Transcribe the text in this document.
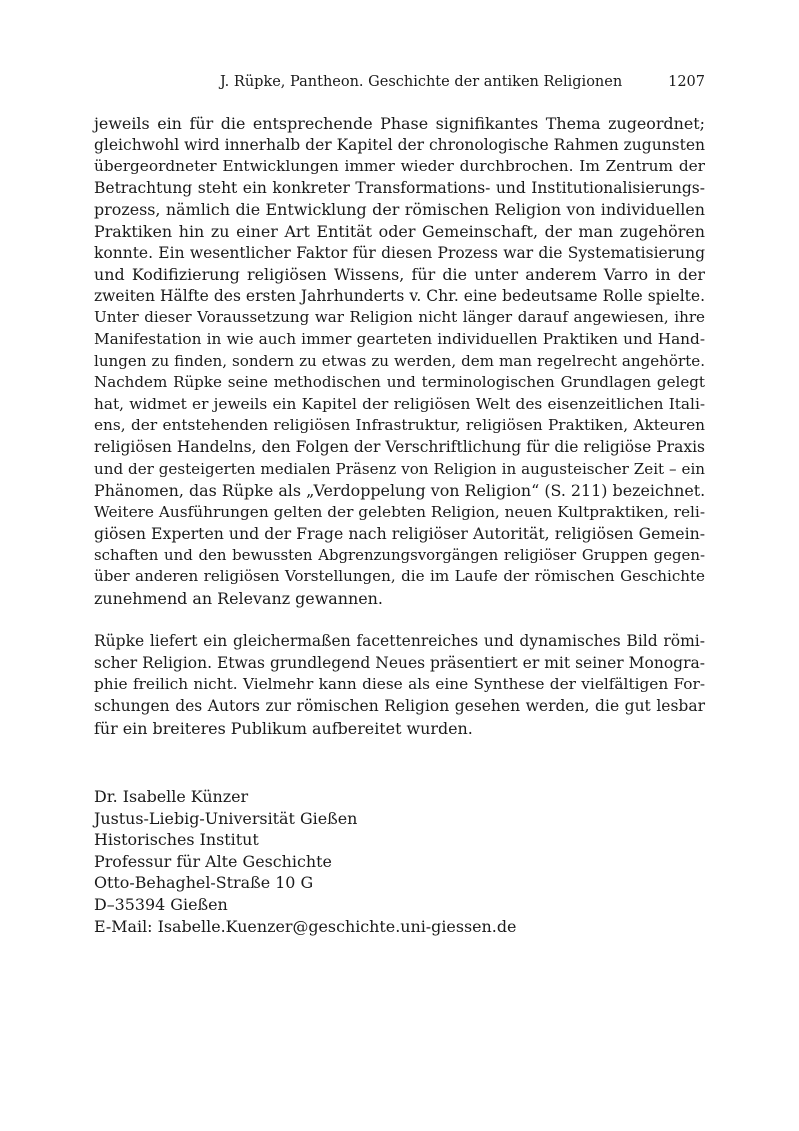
J. Rüpke, Pantheon. Geschichte der antiken Religionen	1207
jeweils ein für die entsprechende Phase signifikantes Thema zugeordnet;
gleichwohl wird innerhalb der Kapitel der chronologische Rahmen zugunsten
übergeordneter Entwicklungen immer wieder durchbrochen. Im Zentrum der
Betrachtung steht ein konkreter Transformations- und Institutionalisierungs-
prozess, nämlich die Entwicklung der römischen Religion von individuellen
Praktiken hin zu einer Art Entität oder Gemeinschaft, der man zugehören
konnte. Ein wesentlicher Faktor für diesen Prozess war die Systematisierung
und Kodifizierung religiösen Wissens, für die unter anderem Varro in der
zweiten Hälfte des ersten Jahrhunderts v. Chr. eine bedeutsame Rolle spielte.
Unter dieser Voraussetzung war Religion nicht länger darauf angewiesen, ihre
Manifestation in wie auch immer gearteten individuellen Praktiken und Hand-
lungen zu finden, sondern zu etwas zu werden, dem man regelrecht angehörte.
Nachdem Rüpke seine methodischen und terminologischen Grundlagen gelegt
hat, widmet er jeweils ein Kapitel der religiösen Welt des eisenzeitlichen Itali-
ens, der entstehenden religiösen Infrastruktur, religiösen Praktiken, Akteuren
religiösen Handelns, den Folgen der Verschriftlichung für die religiöse Praxis
und der gesteigerten medialen Präsenz von Religion in augusteischer Zeit – ein
Phänomen, das Rüpke als „Verdoppelung von Religion“ (S. 211) bezeichnet.
Weitere Ausführungen gelten der gelebten Religion, neuen Kultpraktiken, reli-
giösen Experten und der Frage nach religiöser Autorität, religiösen Gemein-
schaften und den bewussten Abgrenzungsvorgängen religiöser Gruppen gegen-
über anderen religiösen Vorstellungen, die im Laufe der römischen Geschichte
zunehmend an Relevanz gewannen.
Rüpke liefert ein gleichermaßen facettenreiches und dynamisches Bild römi-
scher Religion. Etwas grundlegend Neues präsentiert er mit seiner Monogra-
phie freilich nicht. Vielmehr kann diese als eine Synthese der vielfältigen For-
schungen des Autors zur römischen Religion gesehen werden, die gut lesbar
für ein breiteres Publikum aufbereitet wurden.
Dr. Isabelle Künzer
Justus-Liebig-Universität Gießen
Historisches Institut
Professur für Alte Geschichte
Otto-Behaghel-Straße 10 G
D–35394 Gießen
E-Mail: Isabelle.Kuenzer@geschichte.uni-giessen.de
